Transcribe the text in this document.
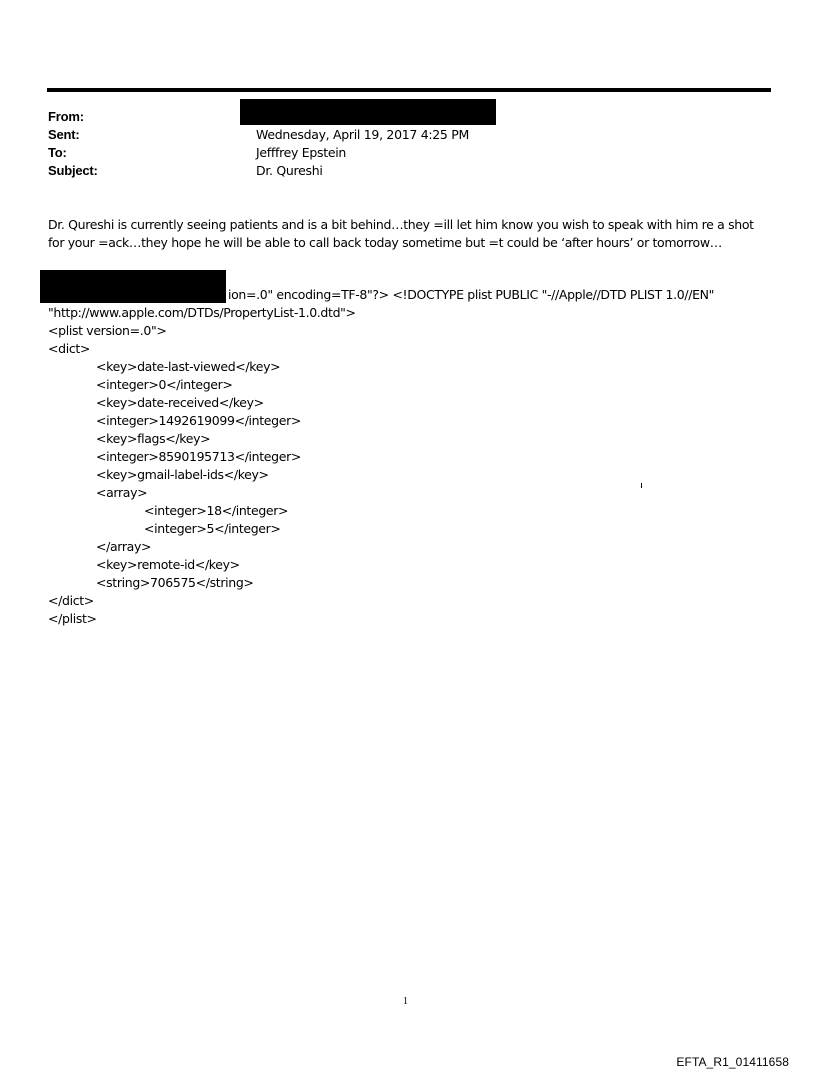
From:
Sent:	Wednesday, April 19, 2017 4:25 PM
To:	Jefffrey Epstein
Subject:	Dr. Qureshi

Dr. Qureshi is currently seeing patients and is a bit behind…they =ill let him know you wish to speak with him re a shot

for your =ack…they hope he will be able to call back today sometime but =t could be ‘after hours’ or tomorrow…

ion=.0" encoding=TF-8"?> <!DOCTYPE plist PUBLIC "-//Apple//DTD PLIST 1.0//EN"
"http://www.apple.com/DTDs/PropertyList-1.0.dtd">
<plist version=.0">
<dict>
<key>date-last-viewed</key>
<integer>0</integer>
<key>date-received</key>
<integer>1492619099</integer>
<key>flags</key>
<integer>8590195713</integer>
<key>gmail-label-ids</key>
<array>
<integer>18</integer>
<integer>5</integer>
</array>
<key>remote-id</key>
<string>706575</string>
</dict>
</plist>
1
EFTA_R1_01411658
